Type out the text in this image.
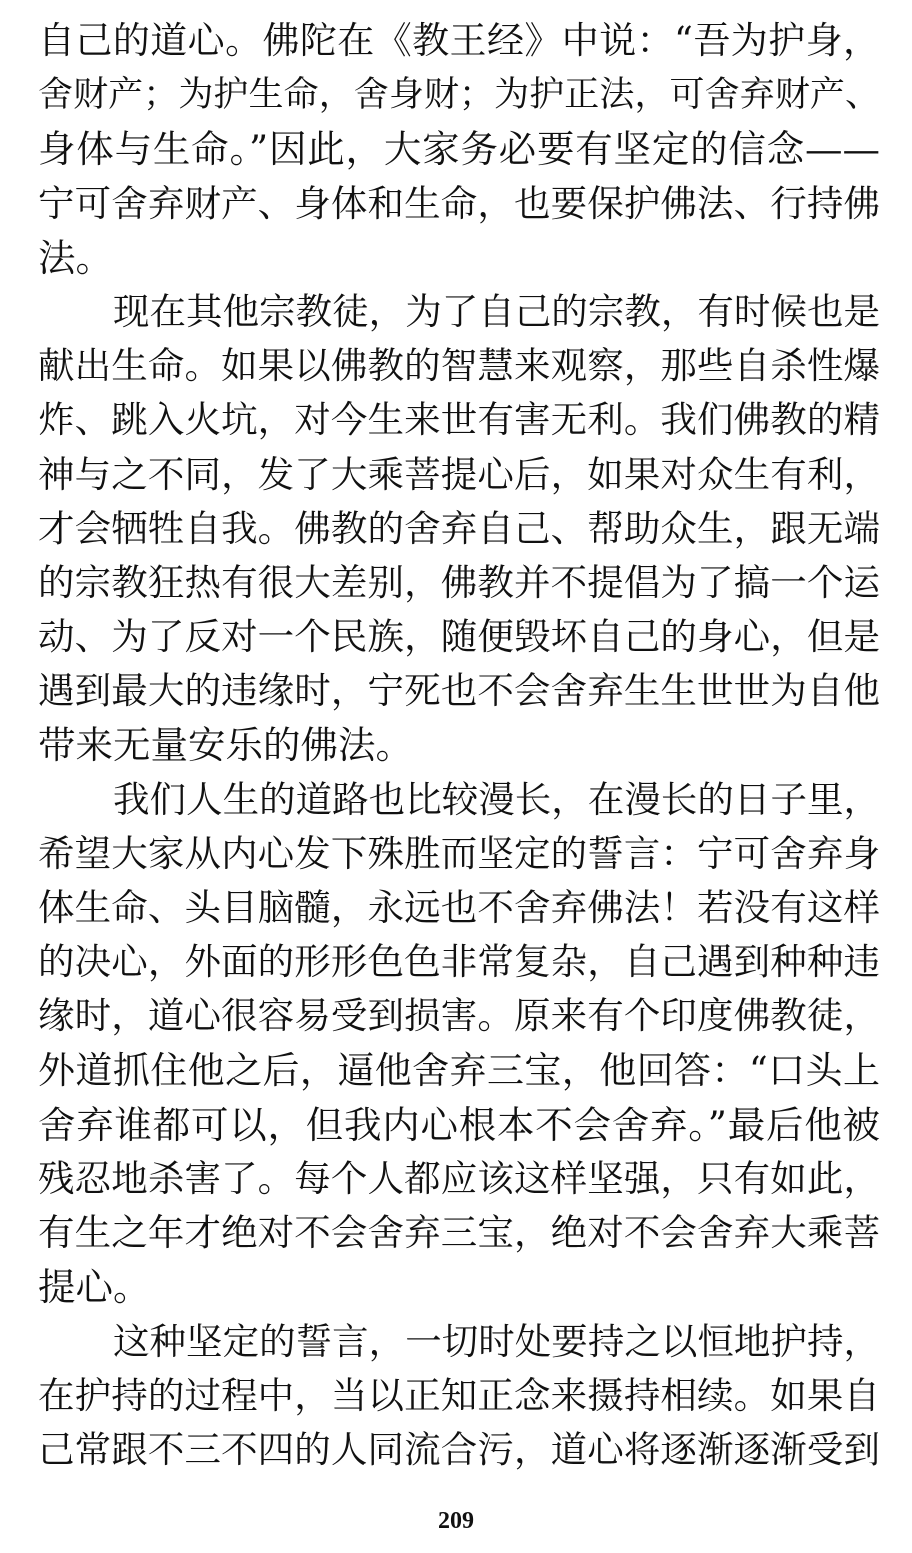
自己的道心。佛陀在《教王经》中说：“吾为护身，
舍财产；为护生命，舍身财；为护正法，可舍弃财产、
身体与生命。”因此，大家务必要有坚定的信念——
宁可舍弃财产、身体和生命，也要保护佛法、行持佛
法。
现在其他宗教徒，为了自己的宗教，有时候也是
献出生命。如果以佛教的智慧来观察，那些自杀性爆
炸、跳入火坑，对今生来世有害无利。我们佛教的精
神与之不同，发了大乘菩提心后，如果对众生有利，
才会牺牲自我。佛教的舍弃自己、帮助众生，跟无端
的宗教狂热有很大差别，佛教并不提倡为了搞一个运
动、为了反对一个民族，随便毁坏自己的身心，但是
遇到最大的违缘时，宁死也不会舍弃生生世世为自他
带来无量安乐的佛法。
我们人生的道路也比较漫长，在漫长的日子里，
希望大家从内心发下殊胜而坚定的誓言：宁可舍弃身
体生命、头目脑髓，永远也不舍弃佛法！若没有这样
的决心，外面的形形色色非常复杂，自己遇到种种违
缘时，道心很容易受到损害。原来有个印度佛教徒，
外道抓住他之后，逼他舍弃三宝，他回答：“口头上
舍弃谁都可以，但我内心根本不会舍弃。”最后他被
残忍地杀害了。每个人都应该这样坚强，只有如此，
有生之年才绝对不会舍弃三宝，绝对不会舍弃大乘菩
提心。
这种坚定的誓言，一切时处要持之以恒地护持，
在护持的过程中，当以正知正念来摄持相续。如果自
己常跟不三不四的人同流合污，道心将逐渐逐渐受到
209
